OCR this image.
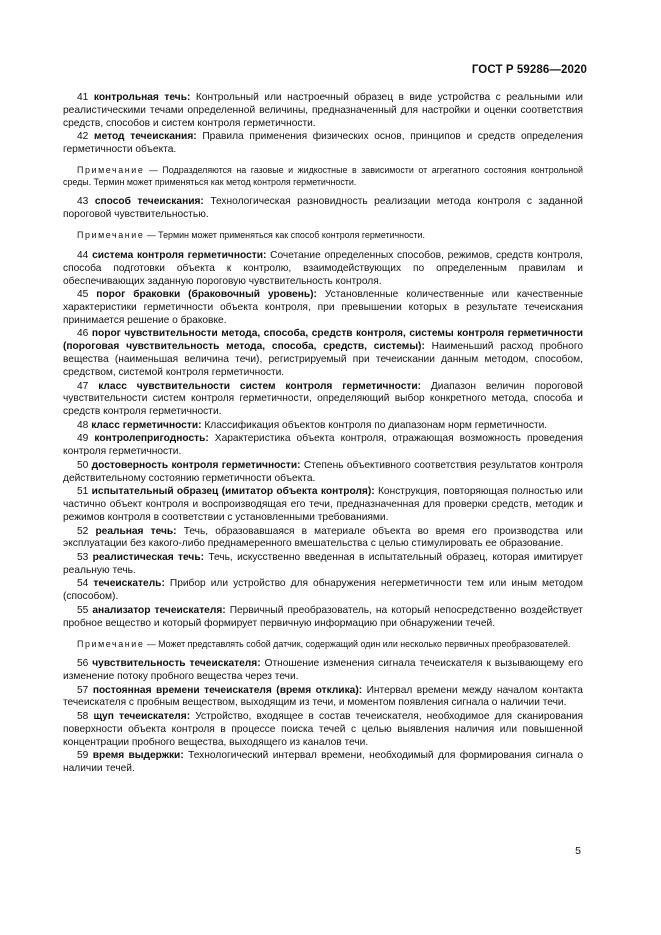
ГОСТ Р 59286—2020

41 контрольная течь: Контрольный или настроечный образец в виде устройства с реальными или реалистическими течами определенной величины, предназначенный для настройки и оценки соответствия средств, способов и систем контроля герметичности.

42 метод течеискания: Правила применения физических основ, принципов и средств определения герметичности объекта.

Примечание — Подразделяются на газовые и жидкостные в зависимости от агрегатного состояния контрольной среды. Термин может применяться как метод контроля герметичности.

43 способ течеискания: Технологическая разновидность реализации метода контроля с заданной пороговой чувствительностью.

Примечание — Термин может применяться как способ контроля герметичности.

44 система контроля герметичности: Сочетание определенных способов, режимов, средств контроля, способа подготовки объекта к контролю, взаимодействующих по определенным правилам и обеспечивающих заданную пороговую чувствительность контроля.

45 порог браковки (браковочный уровень): Установленные количественные или качественные характеристики герметичности объекта контроля, при превышении которых в результате течеискания принимается решение о браковке.

46 порог чувствительности метода, способа, средств контроля, системы контроля герметичности (пороговая чувствительность метода, способа, средств, системы): Наименьший расход пробного вещества (наименьшая величина течи), регистрируемый при течеискании данным методом, способом, средством, системой контроля герметичности.

47 класс чувствительности систем контроля герметичности: Диапазон величин пороговой чувствительности систем контроля герметичности, определяющий выбор конкретного метода, способа и средств контроля герметичности.

48 класс герметичности: Классификация объектов контроля по диапазонам норм герметичности.

49 контролепригодность: Характеристика объекта контроля, отражающая возможность проведения контроля герметичности.

50 достоверность контроля герметичности: Степень объективного соответствия результатов контроля действительному состоянию герметичности объекта.

51 испытательный образец (имитатор объекта контроля): Конструкция, повторяющая полностью или частично объект контроля и воспроизводящая его течи, предназначенная для проверки средств, методик и режимов контроля в соответствии с установленными требованиями.

52 реальная течь: Течь, образовавшаяся в материале объекта во время его производства или эксплуатации без какого-либо преднамеренного вмешательства с целью стимулировать ее образование.

53 реалистическая течь: Течь, искусственно введенная в испытательный образец, которая имитирует реальную течь.

54 течеискатель: Прибор или устройство для обнаружения негерметичности тем или иным методом (способом).

55 анализатор течеискателя: Первичный преобразователь, на который непосредственно воздействует пробное вещество и который формирует первичную информацию при обнаружении течей.

Примечание — Может представлять собой датчик, содержащий один или несколько первичных преобразователей.

56 чувствительность течеискателя: Отношение изменения сигнала течеискателя к вызывающему его изменение потоку пробного вещества через течи.

57 постоянная времени течеискателя (время отклика): Интервал времени между началом контакта течеискателя с пробным веществом, выходящим из течи, и моментом появления сигнала о наличии течи.

58 щуп течеискателя: Устройство, входящее в состав течеискателя, необходимое для сканирования поверхности объекта контроля в процессе поиска течей с целью выявления наличия или повышенной концентрации пробного вещества, выходящего из каналов течи.

59 время выдержки: Технологический интервал времени, необходимый для формирования сигнала о наличии течей.

5
